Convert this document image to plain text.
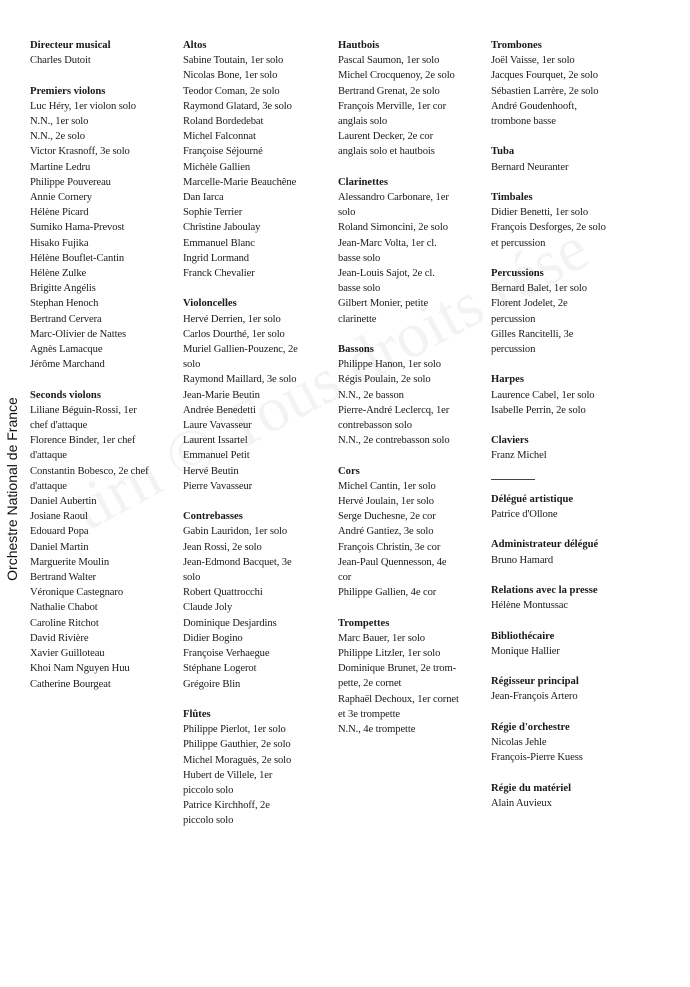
Orchestre National de France
Directeur musical
Charles Dutoit
Premiers violons
Luc Héry, 1er violon solo
N.N., 1er solo
N.N., 2e solo
Victor Krasnoff, 3e solo
Martine Ledru
Philippe Pouvereau
Annie Cornery
Hélène Picard
Sumiko Hama-Prevost
Hisako Fujika
Hélène Bouflet-Cantin
Hélène Zulke
Brigitte Angélis
Stephan Henoch
Bertrand Cervera
Marc-Olivier de Nattes
Agnès Lamacque
Jérôme Marchand
Seconds violons
Liliane Béguin-Rossi, 1er
chef d'attaque
Florence Binder, 1er chef
d'attaque
Constantin Bobesco, 2e chef
d'attaque
Daniel Aubertin
Josiane Raoul
Edouard Popa
Daniel Martin
Marguerite Moulin
Bertrand Walter
Véronique Castegnaro
Nathalie Chabot
Caroline Ritchot
David Rivière
Xavier Guilloteau
Khoi Nam Nguyen Huu
Catherine Bourgeat
Altos
Sabine Toutain, 1er solo
Nicolas Bone, 1er solo
Teodor Coman, 2e solo
Raymond Glatard, 3e solo
Roland Bordedebat
Michel Falconnat
Françoise Séjourné
Michèle Gallien
Marcelle-Marie Beauchêne
Dan Iarca
Sophie Terrier
Christine Jaboulay
Emmanuel Blanc
Ingrid Lormand
Franck Chevalier
Violoncelles
Hervé Derrien, 1er solo
Carlos Dourthé, 1er solo
Muriel Gallien-Pouzenc, 2e
solo
Raymond Maillard, 3e solo
Jean-Marie Beutin
Andrée Benedetti
Laure Vavasseur
Laurent Issartel
Emmanuel Petit
Hervé Beutin
Pierre Vavasseur
Contrebasses
Gabin Lauridon, 1er solo
Jean Rossi, 2e solo
Jean-Edmond Bacquet, 3e
solo
Robert Quattrocchi
Claude Joly
Dominique Desjardins
Didier Bogino
Françoise Verhaegue
Stéphane Logerot
Grégoire Blin
Flûtes
Philippe Pierlot, 1er solo
Philippe Gauthier, 2e solo
Michel Moraguès, 2e solo
Hubert de Villele, 1er
piccolo solo
Patrice Kirchhoff, 2e
piccolo solo
Hautbois
Pascal Saumon, 1er solo
Michel Crocquenoy, 2e solo
Bertrand Grenat, 2e solo
François Merville, 1er cor
anglais solo
Laurent Decker, 2e cor
anglais solo et hautbois
Clarinettes
Alessandro Carbonare, 1er
solo
Roland Simoncini, 2e solo
Jean-Marc Volta, 1er cl.
basse solo
Jean-Louis Sajot, 2e cl.
basse solo
Gilbert Monier, petite
clarinette
Bassons
Philippe Hanon, 1er solo
Régis Poulain, 2e solo
N.N., 2e basson
Pierre-André Leclercq, 1er
contrebasson solo
N.N., 2e contrebasson solo
Cors
Michel Cantin, 1er solo
Hervé Joulain, 1er solo
Serge Duchesne, 2e cor
André Gantiez, 3e solo
François Christin, 3e cor
Jean-Paul Quennesson, 4e
cor
Philippe Gallien, 4e cor
Trompettes
Marc Bauer, 1er solo
Philippe Litzler, 1er solo
Dominique Brunet, 2e trom-
pette, 2e cornet
Raphaël Dechoux, 1er cornet
et 3e trompette
N.N., 4e trompette
Trombones
Joël Vaisse, 1er solo
Jacques Fourquet, 2e solo
Sébastien Larrère, 2e solo
André Goudenhooft,
trombone basse
Tuba
Bernard Neuranter
Timbales
Didier Benetti, 1er solo
François Desforges, 2e solo
et percussion
Percussions
Bernard Balet, 1er solo
Florent Jodelet, 2e
percussion
Gilles Rancitelli, 3e
percussion
Harpes
Laurence Cabel, 1er solo
Isabelle Perrin, 2e solo
Claviers
Franz Michel
Délégué artistique
Patrice d'Ollone
Administrateur délégué
Bruno Hamard
Relations avec la presse
Hélène Montussac
Bibliothécaire
Monique Hallier
Régisseur principal
Jean-François Artero
Régie d'orchestre
Nicolas Jehle
François-Pierre Kuess
Régie du matériel
Alain Auvieux
